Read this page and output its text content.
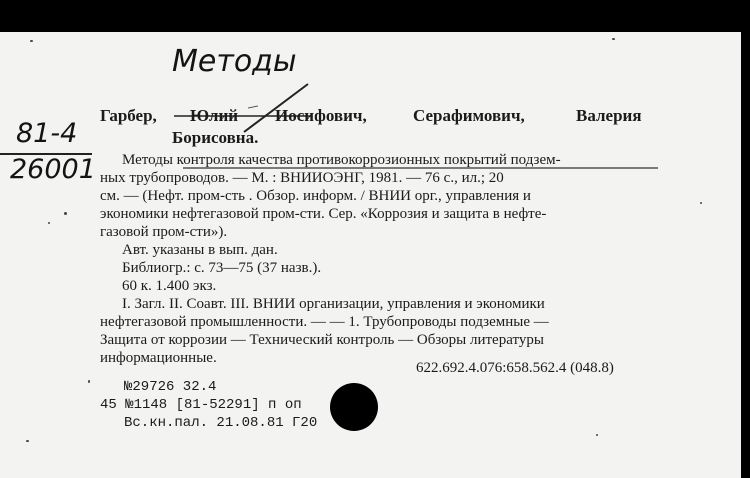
Методы
81-4
26001
Гарбер, Юлий Иосифович,	Серафимович,	Валерия
Борисовна.
Методы контроля качества противокоррозионных покрытий подзем-
ных трубопроводов. — М. : ВНИИОЭНГ, 1981. — 76 с., ил.; 20
см. — (Нефт. пром-сть . Обзор. информ. / ВНИИ орг., управления и
экономики нефтегазовой пром-сти. Сер. «Коррозия и защита в нефте-
газовой пром-сти»).
Авт. указаны в вып. дан.
Библиогр.: с. 73—75 (37 назв.).
60 к. 1.400 экз.
I. Загл. II. Соавт. III. ВНИИ организации, управления и экономики
нефтегазовой промышленности. — — 1. Трубопроводы подземные —
Защита от коррозии — Технический контроль — Обзоры литературы
информационные.
622.692.4.076:658.562.4 (048.8)
№29726 32.4
45 №1148 [81-52291] п оп
Вс.кн.пал. 21.08.81 Г20
